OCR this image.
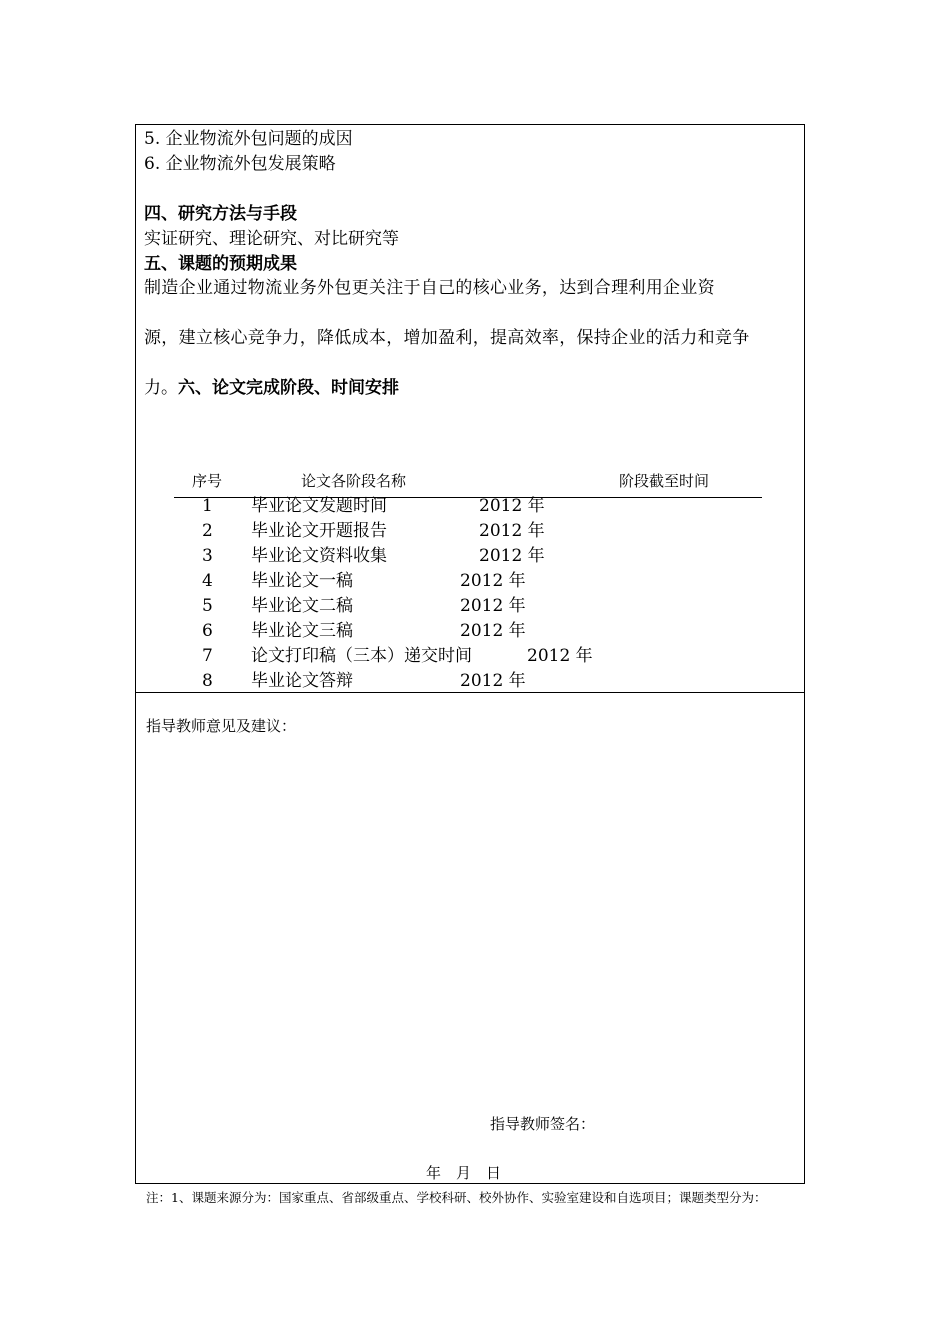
5. 企业物流外包问题的成因
6. 企业物流外包发展策略
四、研究方法与手段
实证研究、理论研究、对比研究等
五、课题的预期成果
制造企业通过物流业务外包更关注于自己的核心业务，达到合理利用企业资
源，建立核心竞争力，降低成本，增加盈利，提高效率，保持企业的活力和竞争
力。六、论文完成阶段、时间安排
序号	论文各阶段名称	阶段截至时间
1 毕业论文发题时间	2012 年
2 毕业论文开题报告	2012 年
3 毕业论文资料收集	2012 年
4 毕业论文一稿	2012 年
5 毕业论文二稿	2012 年
6 毕业论文三稿	2012 年
7 论文打印稿（三本）递交时间	2012 年
8 毕业论文答辩	2012 年
指导教师意见及建议：
指导教师签名：
年　月　日
注：1、课题来源分为：国家重点、省部级重点、学校科研、校外协作、实验室建设和自选项目；课题类型分为：
